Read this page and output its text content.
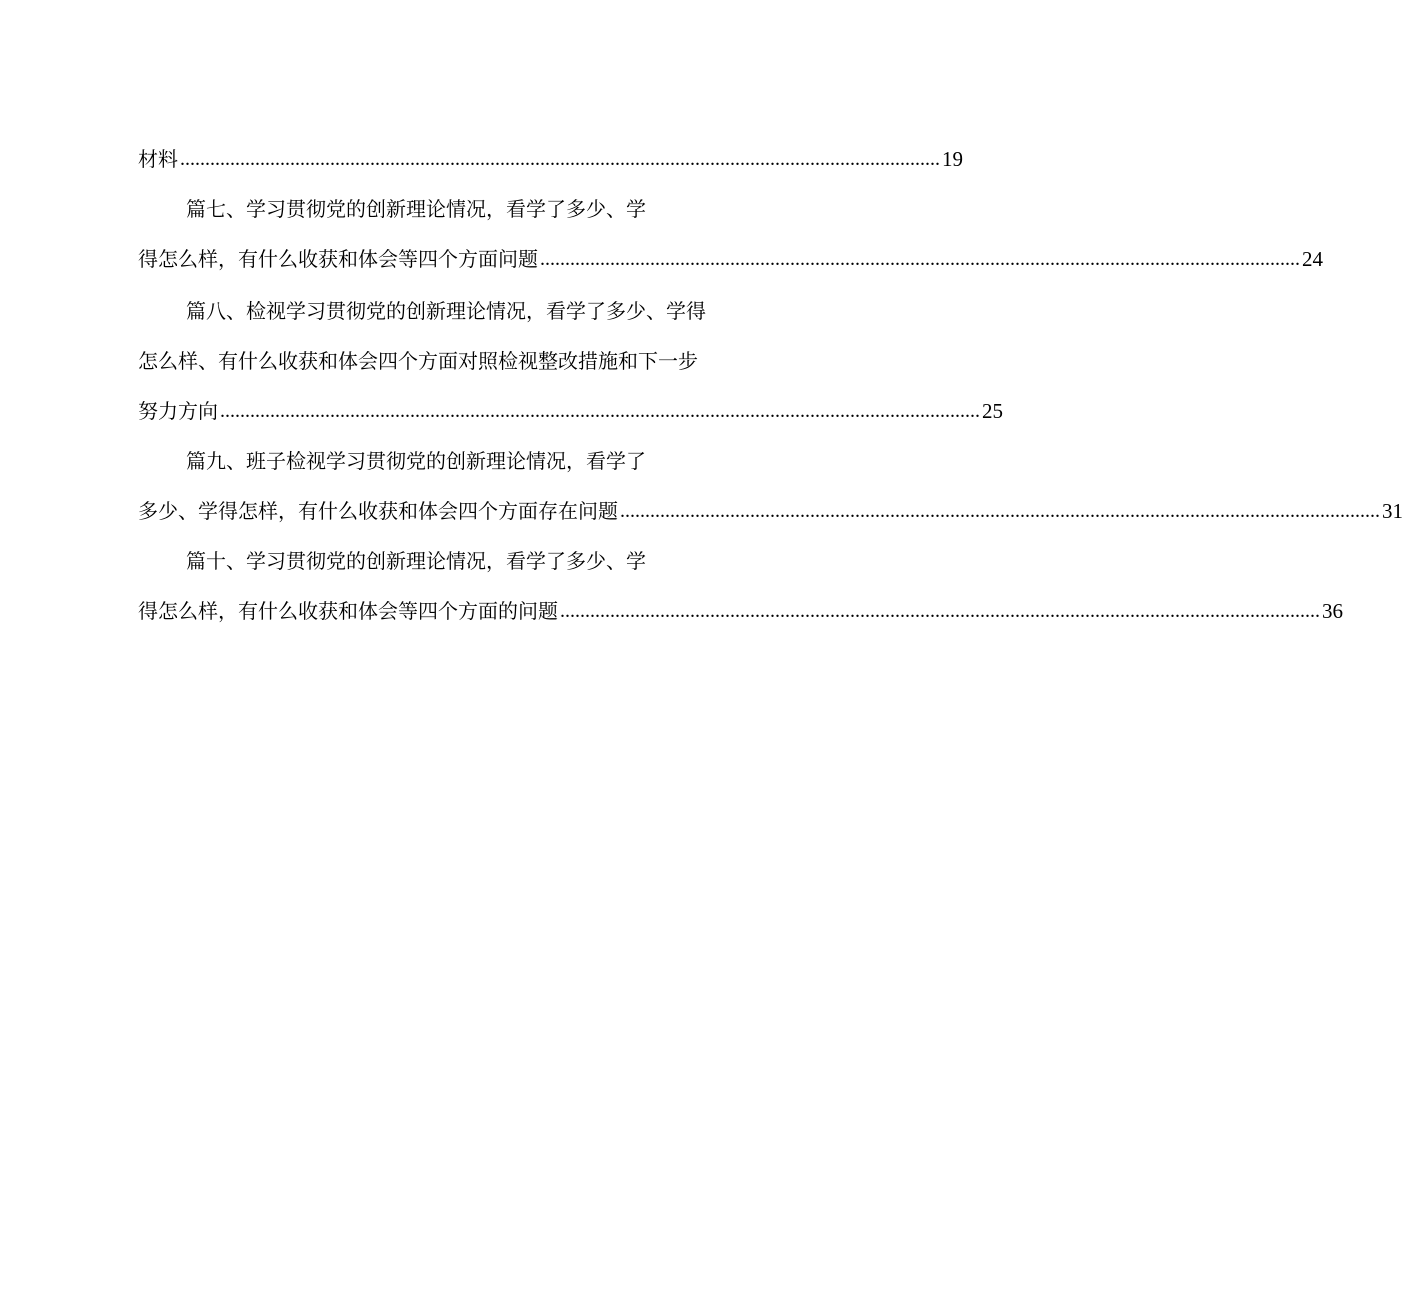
材料 ........................................................................................................................................................ 19
篇七、学习贯彻党的创新理论情况，看学了多少、学
得怎么样，有什么收获和体会等四个方面问题 ........................................................................................................................................................ 24
篇八、检视学习贯彻党的创新理论情况，看学了多少、学得
怎么样、有什么收获和体会四个方面对照检视整改措施和下一步
努力方向 ........................................................................................................................................................ 25
篇九、班子检视学习贯彻党的创新理论情况，看学了
多少、学得怎样，有什么收获和体会四个方面存在问题 ........................................................................................................................................................ 31
篇十、学习贯彻党的创新理论情况，看学了多少、学
得怎么样，有什么收获和体会等四个方面的问题 ........................................................................................................................................................ 36
